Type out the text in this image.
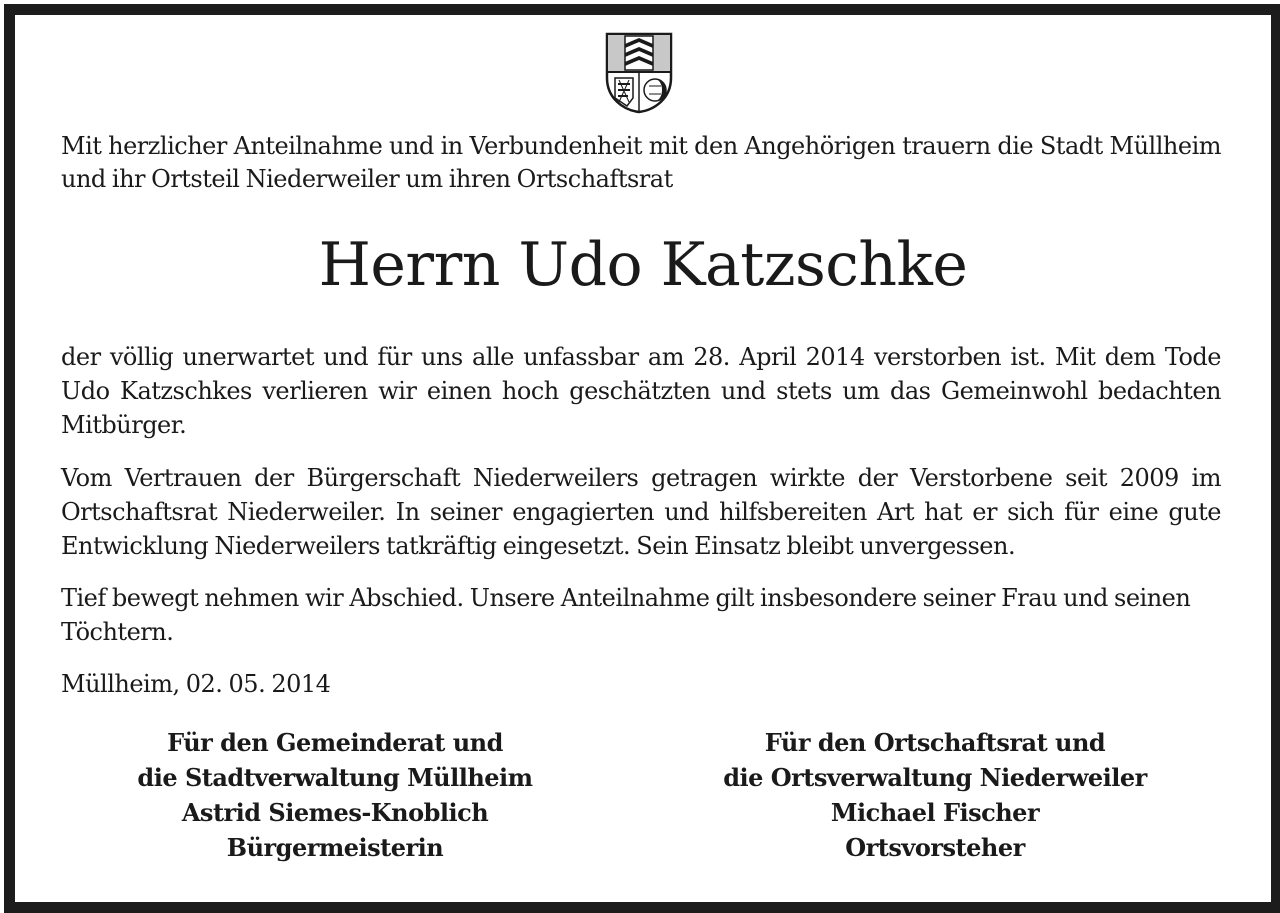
Mit herzlicher Anteilnahme und in Verbundenheit mit den Angehörigen trauern die Stadt Müllheim und ihr Ortsteil Niederweiler um ihren Ortschaftsrat
Herrn Udo Katzschke
der völlig unerwartet und für uns alle unfassbar am 28. April 2014 verstorben ist. Mit dem Tode Udo Katzschkes verlieren wir einen hoch geschätzten und stets um das Gemeinwohl bedachten Mitbürger.
Vom Vertrauen der Bürgerschaft Niederweilers getragen wirkte der Verstorbene seit 2009 im Ortschaftsrat Niederweiler. In seiner engagierten und hilfsbereiten Art hat er sich für eine gute Entwicklung Niederweilers tatkräftig eingesetzt. Sein Einsatz bleibt unvergessen.
Tief bewegt nehmen wir Abschied. Unsere Anteilnahme gilt insbesondere seiner Frau und seinen Töchtern.
Müllheim, 02. 05. 2014
Für den Gemeinderat und
die Stadtverwaltung Müllheim
Astrid Siemes-Knoblich
Bürgermeisterin
Für den Ortschaftsrat und
die Ortsverwaltung Niederweiler
Michael Fischer
Ortsvorsteher
